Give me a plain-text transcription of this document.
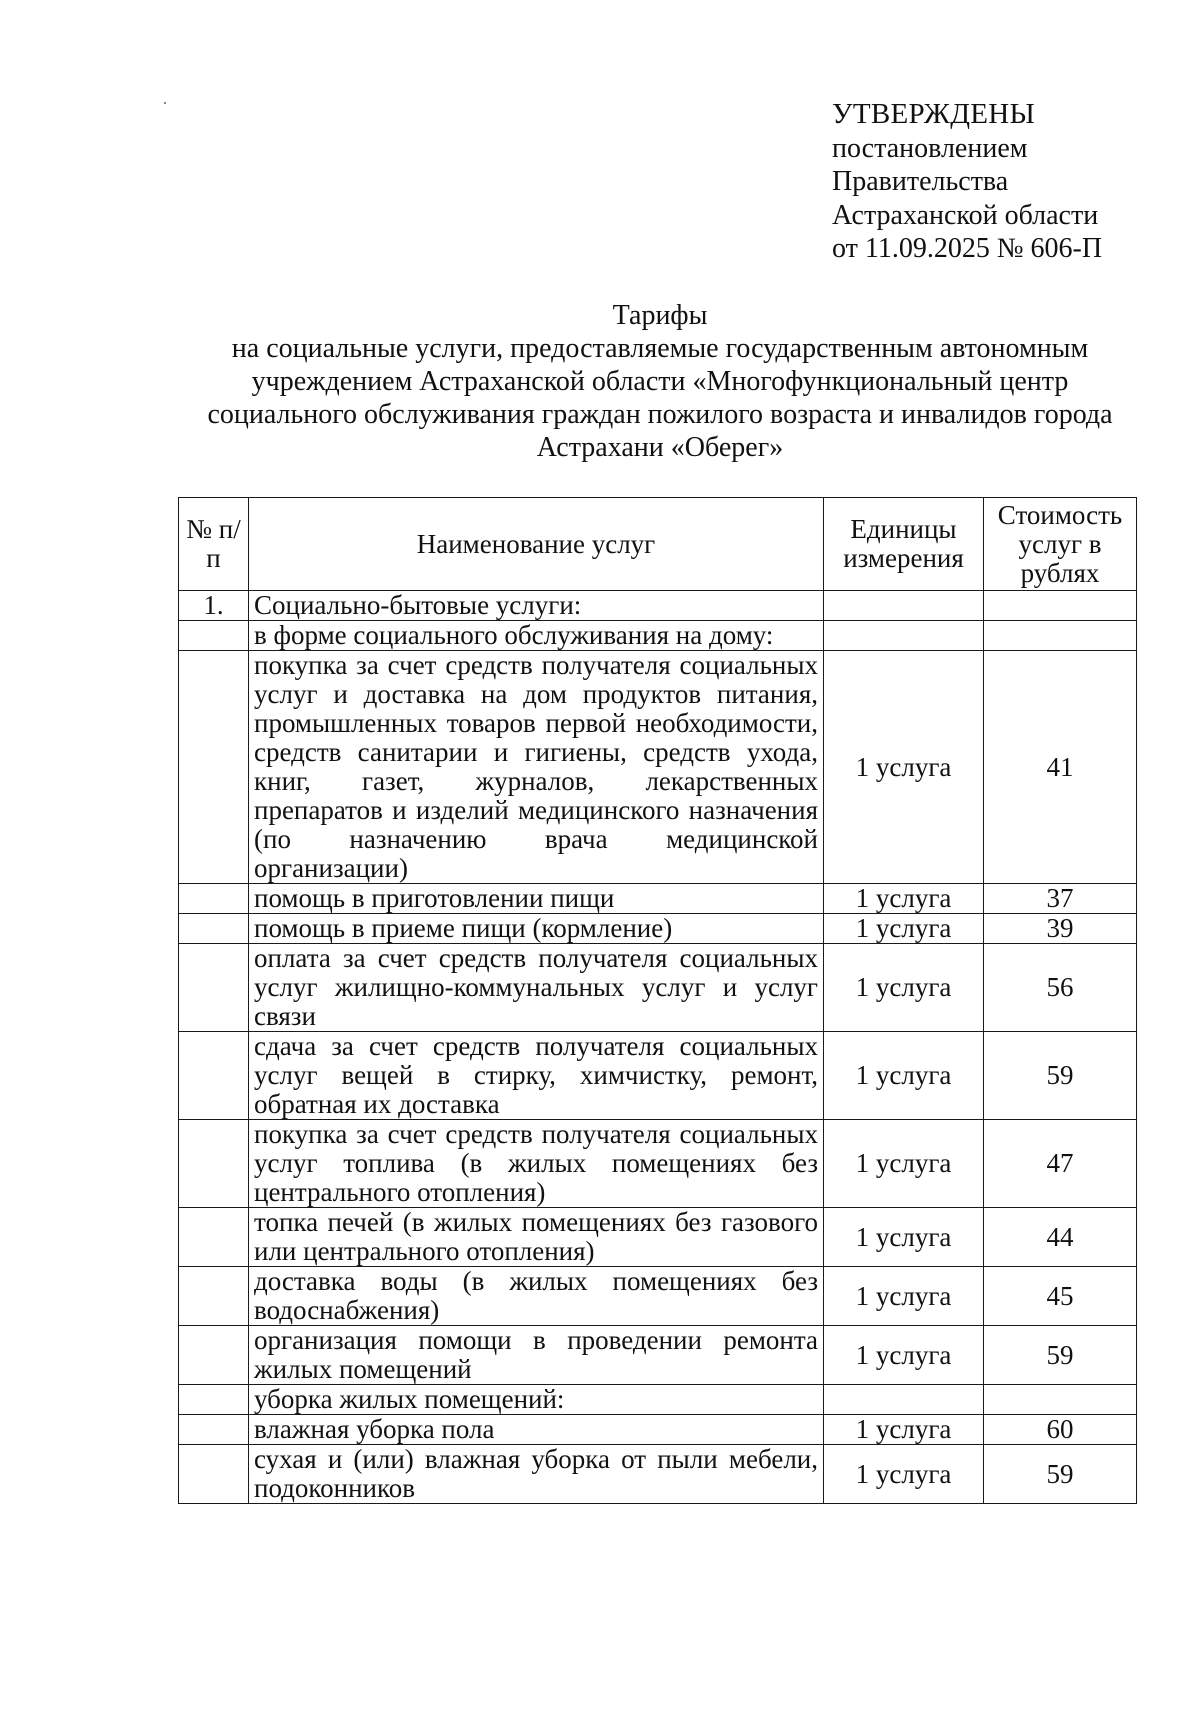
УТВЕРЖДЕНЫ
постановлением
Правительства
Астраханской области
от 11.09.2025 № 606-П
Тарифы
на социальные услуги, предоставляемые государственным автономным
учреждением Астраханской области «Многофункциональный центр
социального обслуживания граждан пожилого возраста и инвалидов города
Астрахани «Оберег»
№ п/п	Наименование услуг	Единицы измерения	Стоимость услуг в рублях
1.	Социально-бытовые услуги:		
	в форме социального обслуживания на дому:		
	покупка за счет средств получателя социальных услуг и доставка на дом продуктов питания, промышленных товаров первой необходимости, средств санитарии и гигиены, средств ухода, книг, газет, журналов, лекарственных препаратов и изделий медицинского назначения (по назначению врача медицинской организации)	1 услуга	41
	помощь в приготовлении пищи	1 услуга	37
	помощь в приеме пищи (кормление)	1 услуга	39
	оплата за счет средств получателя социальных услуг жилищно-коммунальных услуг и услуг связи	1 услуга	56
	сдача за счет средств получателя социальных услуг вещей в стирку, химчистку, ремонт, обратная их доставка	1 услуга	59
	покупка за счет средств получателя социальных услуг топлива (в жилых помещениях без центрального отопления)	1 услуга	47
	топка печей (в жилых помещениях без газового или центрального отопления)	1 услуга	44
	доставка воды (в жилых помещениях без водоснабжения)	1 услуга	45
	организация помощи в проведении ремонта жилых помещений	1 услуга	59
	уборка жилых помещений:		
	влажная уборка пола	1 услуга	60
	сухая и (или) влажная уборка от пыли мебели, подоконников	1 услуга	59
